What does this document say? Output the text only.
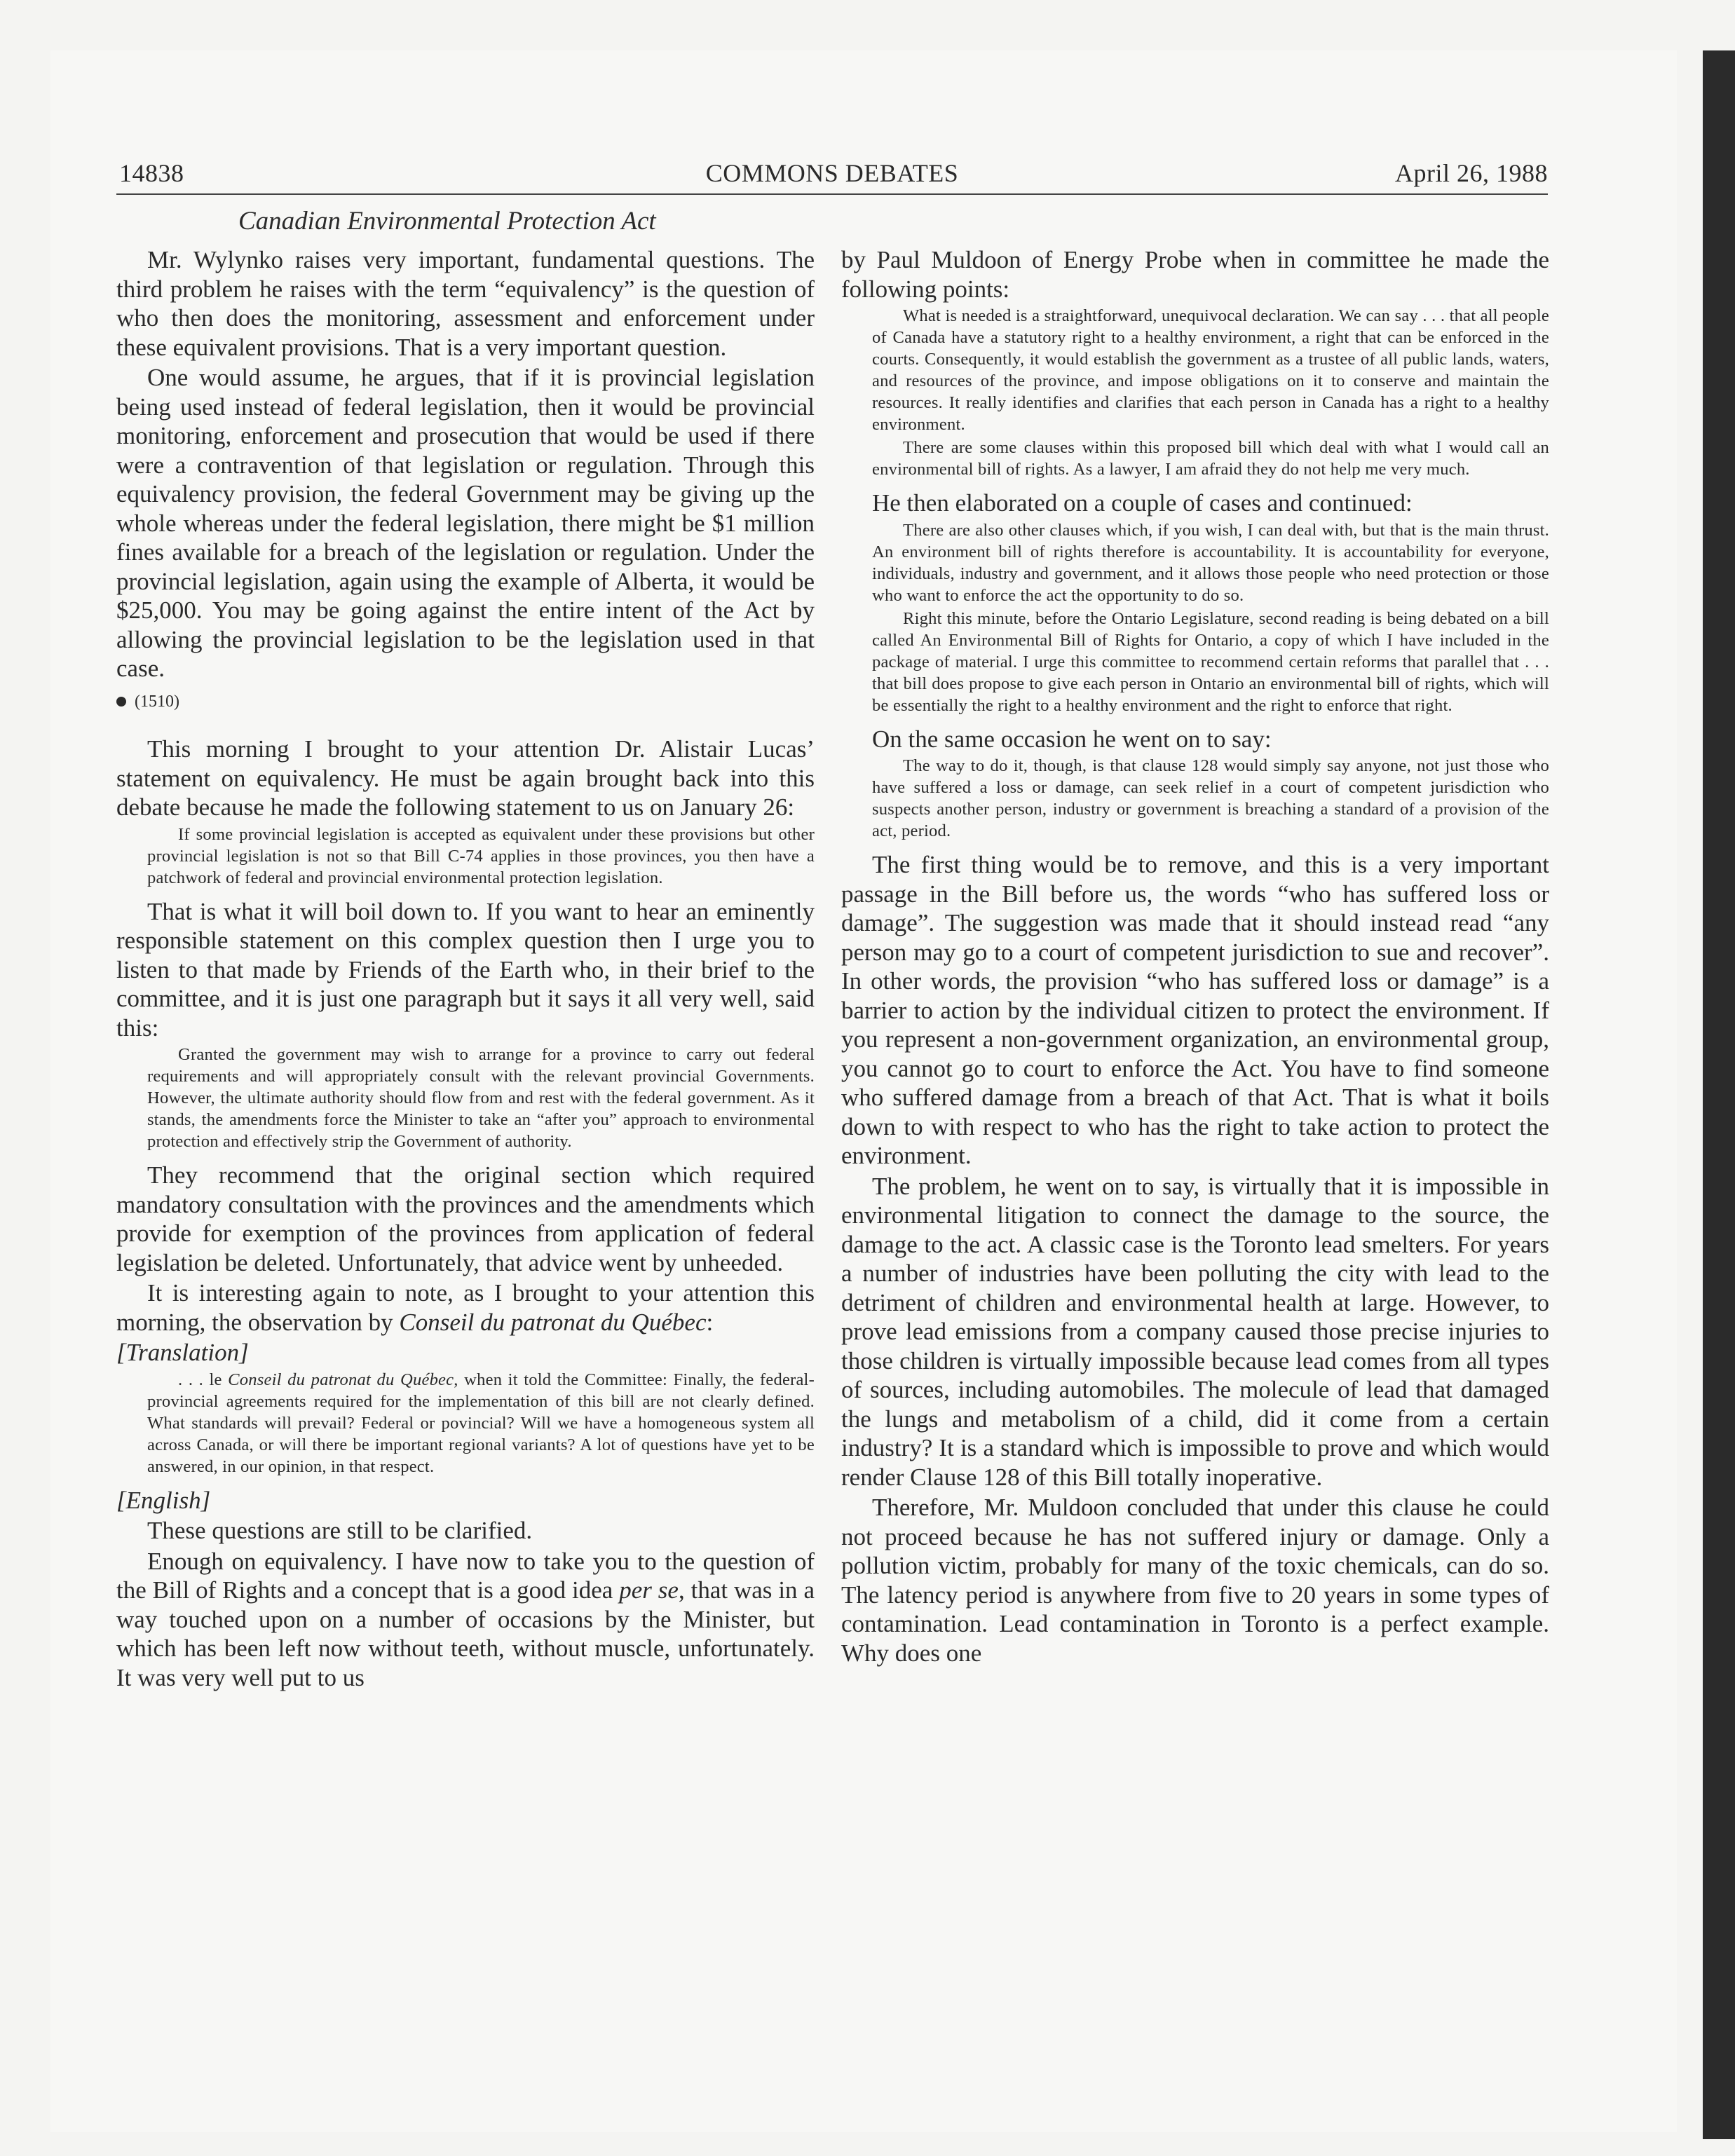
14838	COMMONS DEBATES	April 26, 1988
Canadian Environmental Protection Act

Mr. Wylynko raises very important, fundamental questions. The third problem he raises with the term “equivalency” is the question of who then does the monitoring, assessment and enforcement under these equivalent provisions. That is a very important question.

One would assume, he argues, that if it is provincial legislation being used instead of federal legislation, then it would be provincial monitoring, enforcement and prosecution that would be used if there were a contravention of that legislation or regulation. Through this equivalency provision, the federal Government may be giving up the whole whereas under the federal legislation, there might be $1 million fines available for a breach of the legislation or regulation. Under the provincial legislation, again using the example of Alberta, it would be $25,000. You may be going against the entire intent of the Act by allowing the provincial legislation to be the legislation used in that case.

(1510)

This morning I brought to your attention Dr. Alistair Lucas’ statement on equivalency. He must be again brought back into this debate because he made the following statement to us on January 26:

If some provincial legislation is accepted as equivalent under these provisions but other provincial legislation is not so that Bill C-74 applies in those provinces, you then have a patchwork of federal and provincial environmental protection legislation.

That is what it will boil down to. If you want to hear an eminently responsible statement on this complex question then I urge you to listen to that made by Friends of the Earth who, in their brief to the committee, and it is just one paragraph but it says it all very well, said this:

Granted the government may wish to arrange for a province to carry out federal requirements and will appropriately consult with the relevant provincial Governments. However, the ultimate authority should flow from and rest with the federal government. As it stands, the amendments force the Minister to take an “after you” approach to environmental protection and effectively strip the Government of authority.

They recommend that the original section which required mandatory consultation with the provinces and the amendments which provide for exemption of the provinces from application of federal legislation be deleted. Unfortunately, that advice went by unheeded.

It is interesting again to note, as I brought to your attention this morning, the observation by Conseil du patronat du Québec:

[Translation]

. . . le Conseil du patronat du Québec, when it told the Committee: Finally, the federal-provincial agreements required for the implementation of this bill are not clearly defined. What standards will prevail? Federal or povincial? Will we have a homogeneous system all across Canada, or will there be important regional variants? A lot of questions have yet to be answered, in our opinion, in that respect.

[English]

These questions are still to be clarified.

Enough on equivalency. I have now to take you to the question of the Bill of Rights and a concept that is a good idea per se, that was in a way touched upon on a number of occasions by the Minister, but which has been left now without teeth, without muscle, unfortunately. It was very well put to us

by Paul Muldoon of Energy Probe when in committee he made the following points:

What is needed is a straightforward, unequivocal declaration. We can say . . . that all people of Canada have a statutory right to a healthy environment, a right that can be enforced in the courts. Consequently, it would establish the government as a trustee of all public lands, waters, and resources of the province, and impose obligations on it to conserve and maintain the resources. It really identifies and clarifies that each person in Canada has a right to a healthy environment.
There are some clauses within this proposed bill which deal with what I would call an environmental bill of rights. As a lawyer, I am afraid they do not help me very much.

He then elaborated on a couple of cases and continued:

There are also other clauses which, if you wish, I can deal with, but that is the main thrust. An environment bill of rights therefore is accountability. It is accountability for everyone, individuals, industry and government, and it allows those people who need protection or those who want to enforce the act the opportunity to do so.
Right this minute, before the Ontario Legislature, second reading is being debated on a bill called An Environmental Bill of Rights for Ontario, a copy of which I have included in the package of material. I urge this committee to recommend certain reforms that parallel that . . . that bill does propose to give each person in Ontario an environmental bill of rights, which will be essentially the right to a healthy environment and the right to enforce that right.

On the same occasion he went on to say:

The way to do it, though, is that clause 128 would simply say anyone, not just those who have suffered a loss or damage, can seek relief in a court of competent jurisdiction who suspects another person, industry or government is breaching a standard of a provision of the act, period.

The first thing would be to remove, and this is a very important passage in the Bill before us, the words “who has suffered loss or damage”. The suggestion was made that it should instead read “any person may go to a court of competent jurisdiction to sue and recover”. In other words, the provision “who has suffered loss or damage” is a barrier to action by the individual citizen to protect the environment. If you represent a non-government organization, an environmental group, you cannot go to court to enforce the Act. You have to find someone who suffered damage from a breach of that Act. That is what it boils down to with respect to who has the right to take action to protect the environment.

The problem, he went on to say, is virtually that it is impossible in environmental litigation to connect the damage to the source, the damage to the act. A classic case is the Toronto lead smelters. For years a number of industries have been polluting the city with lead to the detriment of children and environmental health at large. However, to prove lead emissions from a company caused those precise injuries to those children is virtually impossible because lead comes from all types of sources, including automobiles. The molecule of lead that damaged the lungs and metabolism of a child, did it come from a certain industry? It is a standard which is impossible to prove and which would render Clause 128 of this Bill totally inoperative.

Therefore, Mr. Muldoon concluded that under this clause he could not proceed because he has not suffered injury or damage. Only a pollution victim, probably for many of the toxic chemicals, can do so. The latency period is anywhere from five to 20 years in some types of contamination. Lead contamination in Toronto is a perfect example. Why does one
